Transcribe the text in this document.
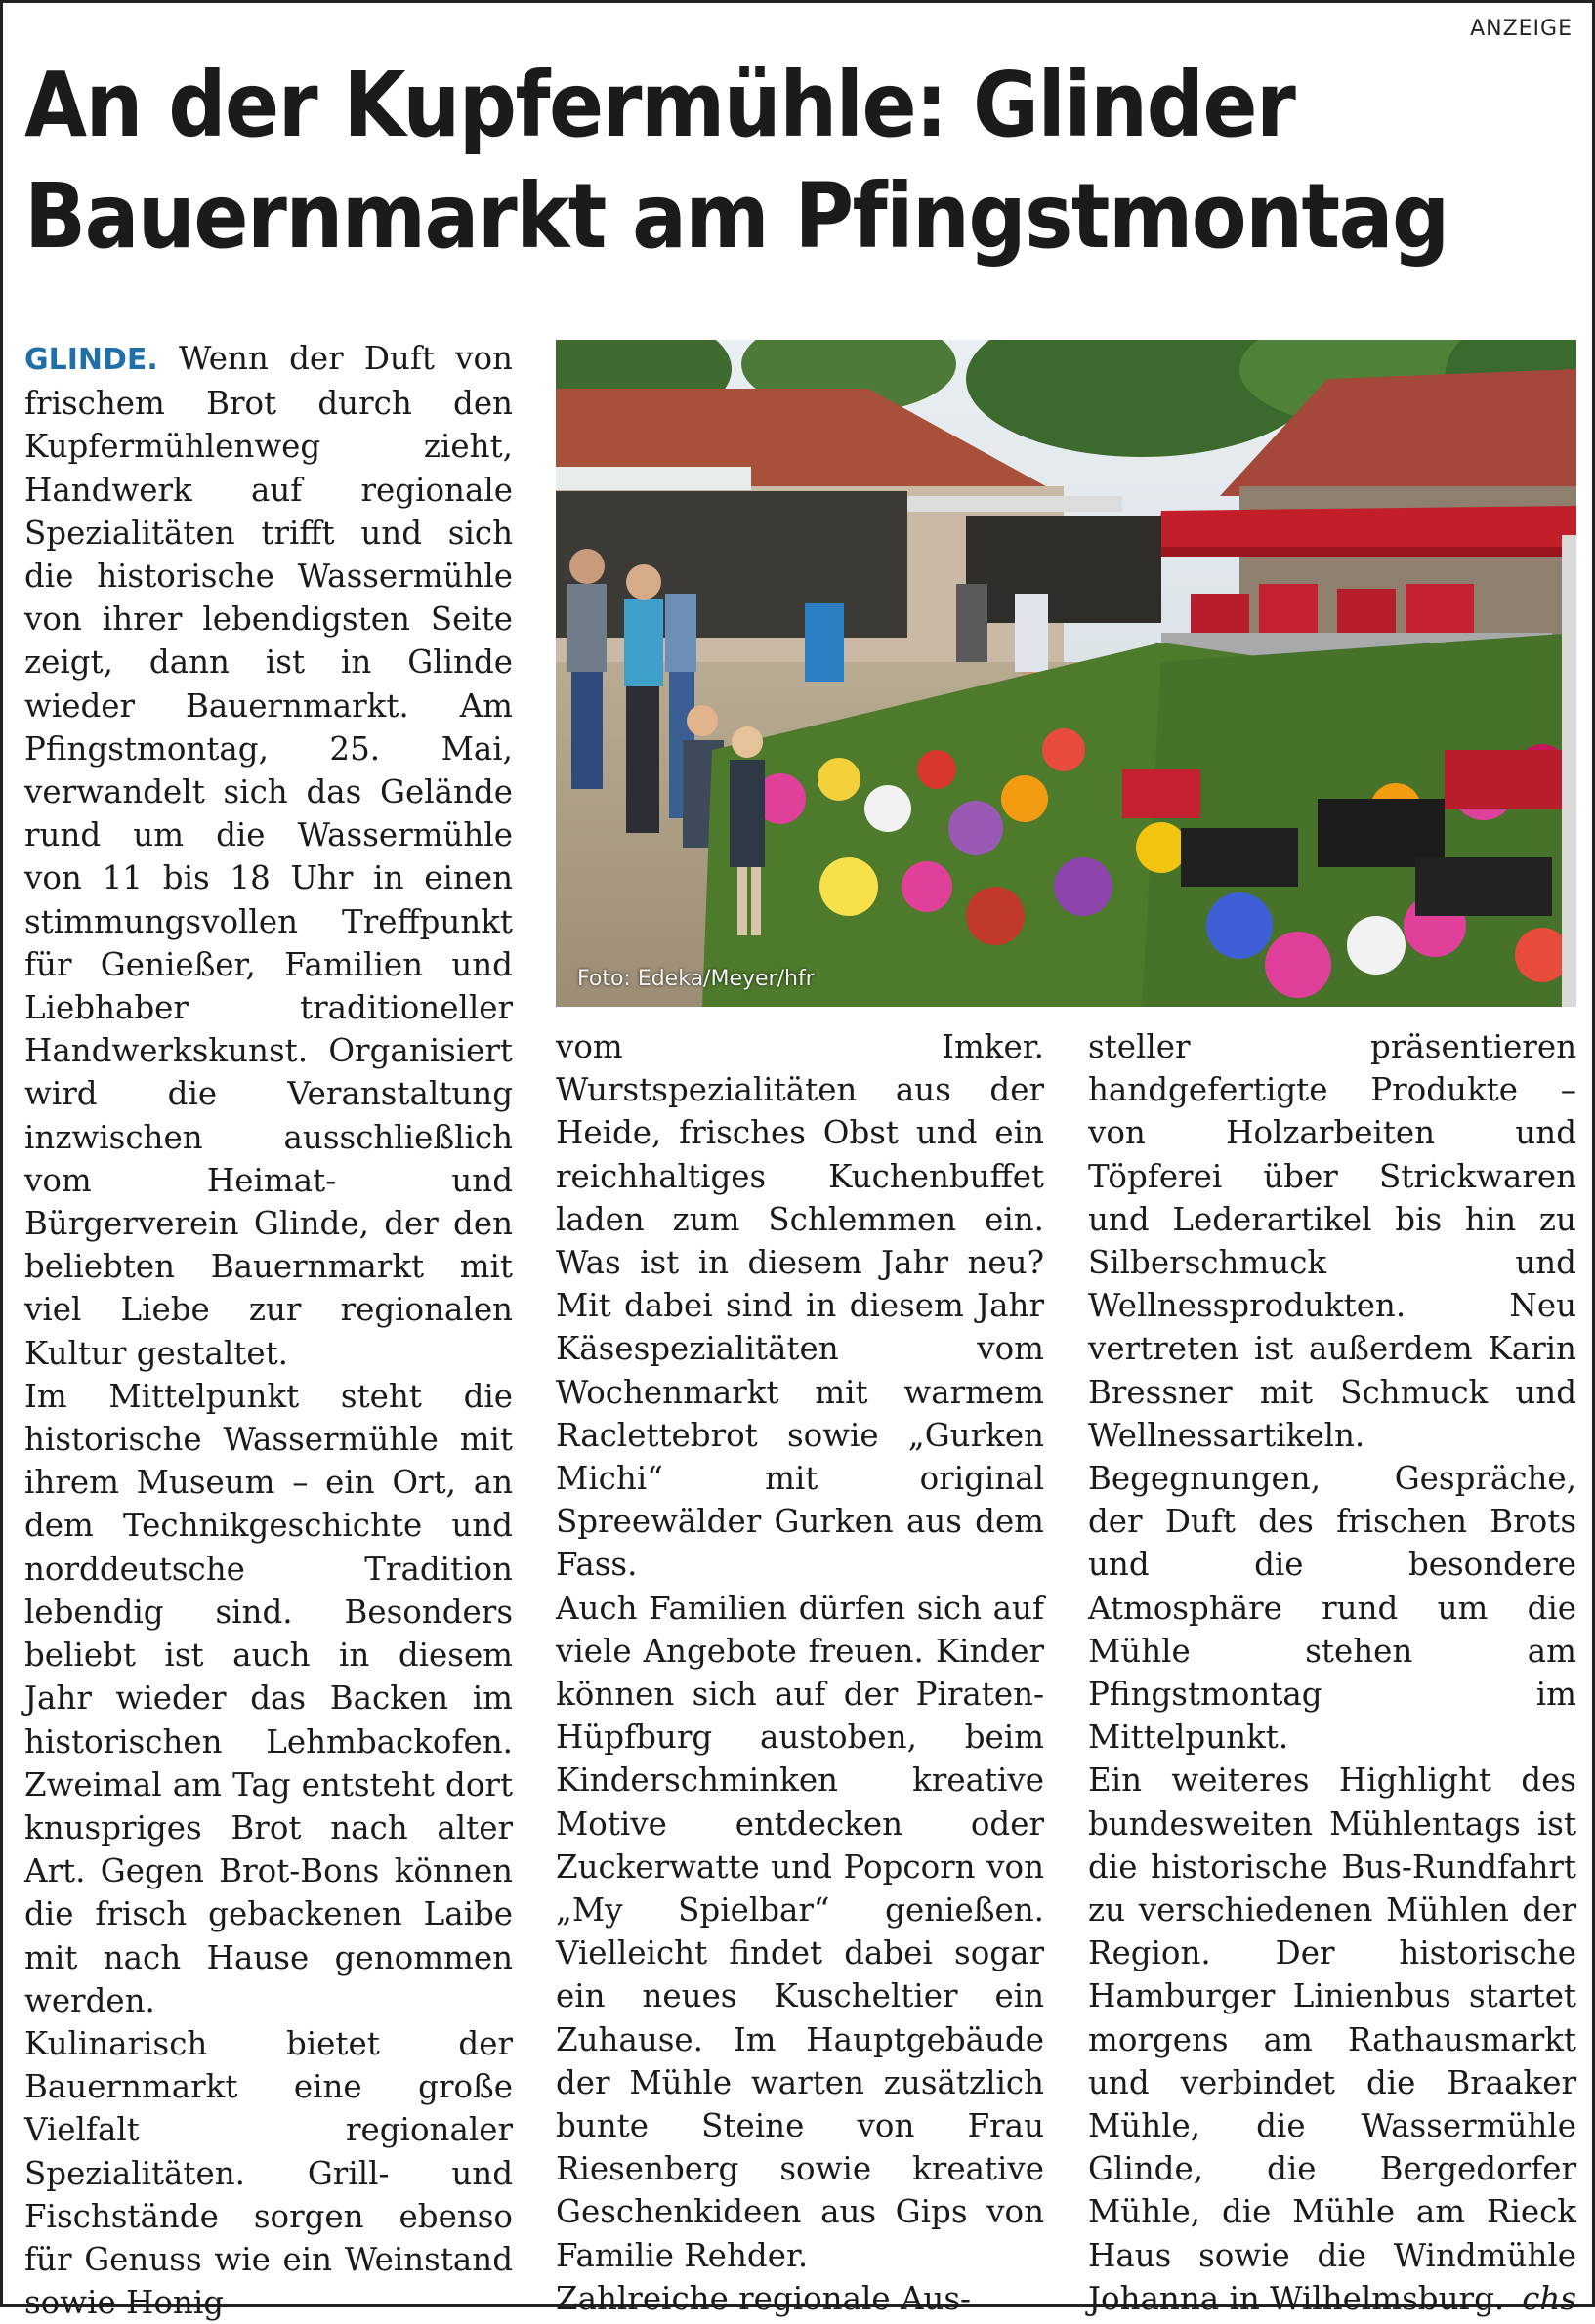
ANZEIGE
An der Kupfermühle: Glinder Bauernmarkt am Pfingstmontag

GLINDE. Wenn der Duft von frischem Brot durch den Kupfermühlenweg zieht, Handwerk auf regionale Spezialitäten trifft und sich die historische Wassermühle von ihrer lebendigsten Seite zeigt, dann ist in Glinde wieder Bauernmarkt. Am Pfingstmontag, 25. Mai, verwandelt sich das Gelände rund um die Wassermühle von 11 bis 18 Uhr in einen stimmungsvollen Treffpunkt für Genießer, Familien und Liebhaber traditioneller Handwerkskunst. Organisiert wird die Veranstaltung inzwischen ausschließlich vom Heimat- und Bürgerverein Glinde, der den beliebten Bauernmarkt mit viel Liebe zur regionalen Kultur gestaltet.

Im Mittelpunkt steht die historische Wassermühle mit ihrem Museum – ein Ort, an dem Technikgeschichte und norddeutsche Tradition lebendig sind. Besonders beliebt ist auch in diesem Jahr wieder das Backen im historischen Lehmbackofen. Zweimal am Tag entsteht dort knuspriges Brot nach alter Art. Gegen Brot-Bons können die frisch gebackenen Laibe mit nach Hause genommen werden.

Kulinarisch bietet der Bauernmarkt eine große Vielfalt regionaler Spezialitäten. Grill- und Fischstände sorgen ebenso für Genuss wie ein Weinstand sowie Honig

Foto: Edeka/Meyer/hfr

vom Imker. Wurstspezialitäten aus der Heide, frisches Obst und ein reichhaltiges Kuchenbuffet laden zum Schlemmen ein. Was ist in diesem Jahr neu?Mit dabei sind in diesem Jahr Käsespezialitäten vom Wochenmarkt mit warmem Raclettebrot sowie „Gurken Michi“ mit original Spreewälder Gurken aus dem Fass.

Auch Familien dürfen sich auf viele Angebote freuen. Kinder können sich auf der Piraten-Hüpfburg austoben, beim Kinderschminken kreative Motive entdecken oder Zuckerwatte und Popcorn von „My Spielbar“ genießen. Vielleicht findet dabei sogar ein neues Kuscheltier ein Zuhause. Im Hauptgebäude der Mühle warten zusätzlich bunte Steine von Frau Riesenberg sowie kreative Geschenkideen aus Gips von Familie Rehder.

Zahlreiche regionale Aus-

steller präsentieren handgefertigte Produkte – von Holzarbeiten und Töpferei über Strickwaren und Lederartikel bis hin zu Silberschmuck und Wellnessprodukten. Neu vertreten ist außerdem Karin Bressner mit Schmuck und Wellnessartikeln. Begegnungen, Gespräche, der Duft des frischen Brots und die besondere Atmosphäre rund um die Mühle stehen am Pfingstmontag im Mittelpunkt.

Ein weiteres Highlight des bundesweiten Mühlentags ist die historische Bus-Rundfahrt zu verschiedenen Mühlen der Region. Der historische Hamburger Linienbus startet morgens am Rathausmarkt und verbindet die Braaker Mühle, die Wassermühle Glinde, die Bergedorfer Mühle, die Mühle am Rieck Haus sowie die Windmühle Johanna in Wilhelmsburg. chs
